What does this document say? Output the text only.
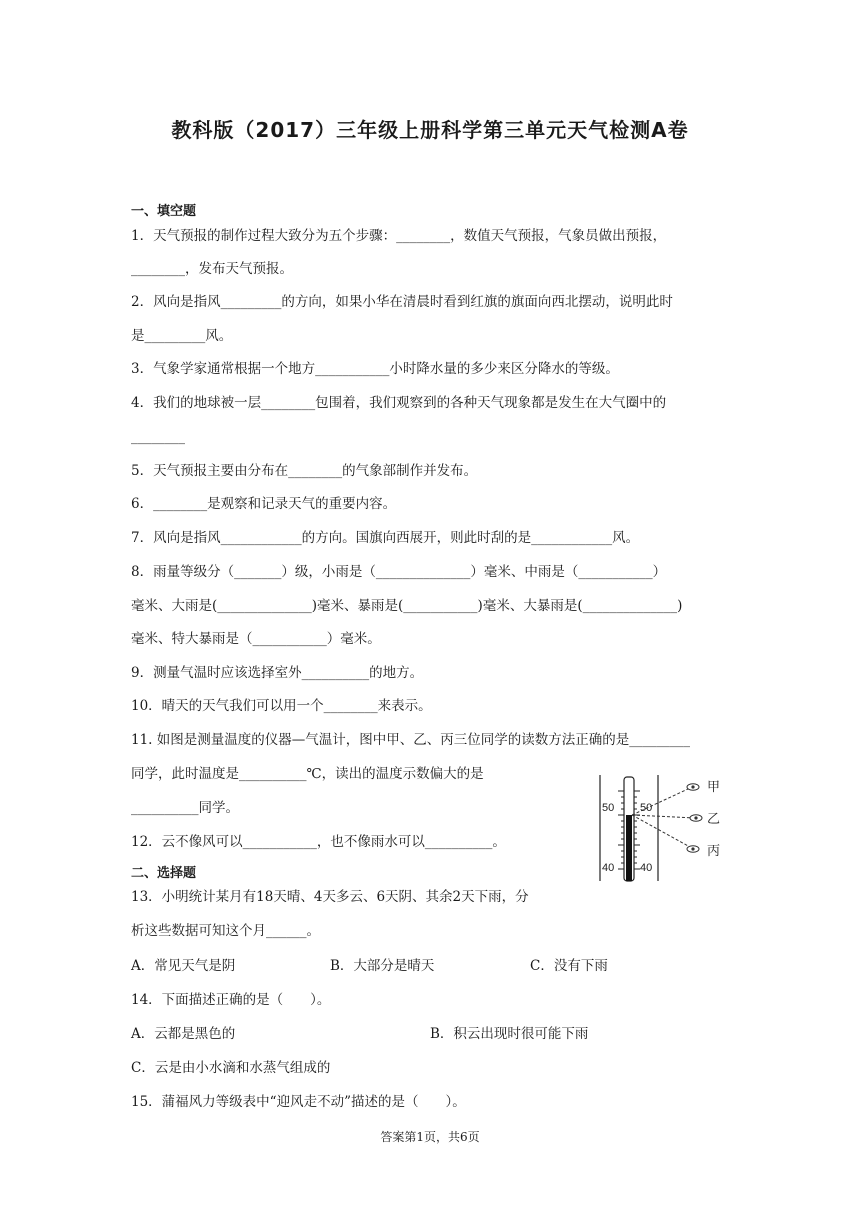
教科版（2017）三年级上册科学第三单元天气检测A卷
一、填空题
1．天气预报的制作过程大致分为五个步骤：________，数值天气预报，气象员做出预报，
________，发布天气预报。
2．风向是指风_________的方向，如果小华在清晨时看到红旗的旗面向西北摆动，说明此时
是_________风。
3．气象学家通常根据一个地方___________小时降水量的多少来区分降水的等级。
4．我们的地球被一层________包围着，我们观察到的各种天气现象都是发生在大气圈中的
________
5．天气预报主要由分布在________的气象部制作并发布。
6．________是观察和记录天气的重要内容。
7．风向是指风____________的方向。国旗向西展开，则此时刮的是____________风。
8．雨量等级分（_______）级，小雨是（______________）毫米、中雨是（___________）
毫米、大雨是(______________)毫米、暴雨是(___________)毫米、大暴雨是(______________)
毫米、特大暴雨是（___________）毫米。
9．测量气温时应该选择室外__________的地方。
10．晴天的天气我们可以用一个________来表示。
11. 如图是测量温度的仪器—气温计，图中甲、乙、丙三位同学的读数方法正确的是_________
同学，此时温度是__________℃，读出的温度示数偏大的是
__________同学。
12．云不像风可以___________，也不像雨水可以__________。
二、选择题
13．小明统计某月有18天晴、4天多云、6天阴、其余2天下雨，分
析这些数据可知这个月______。
A．常见天气是阴	B．大部分是晴天	C．没有下雨
14．下面描述正确的是（　　）。
A．云都是黑色的	B．积云出现时很可能下雨
C．云是由小水滴和水蒸气组成的
15．蒲福风力等级表中“迎风走不动”描述的是（　　）。
50 50
40 40
甲
乙
丙
答案第1页，共6页
